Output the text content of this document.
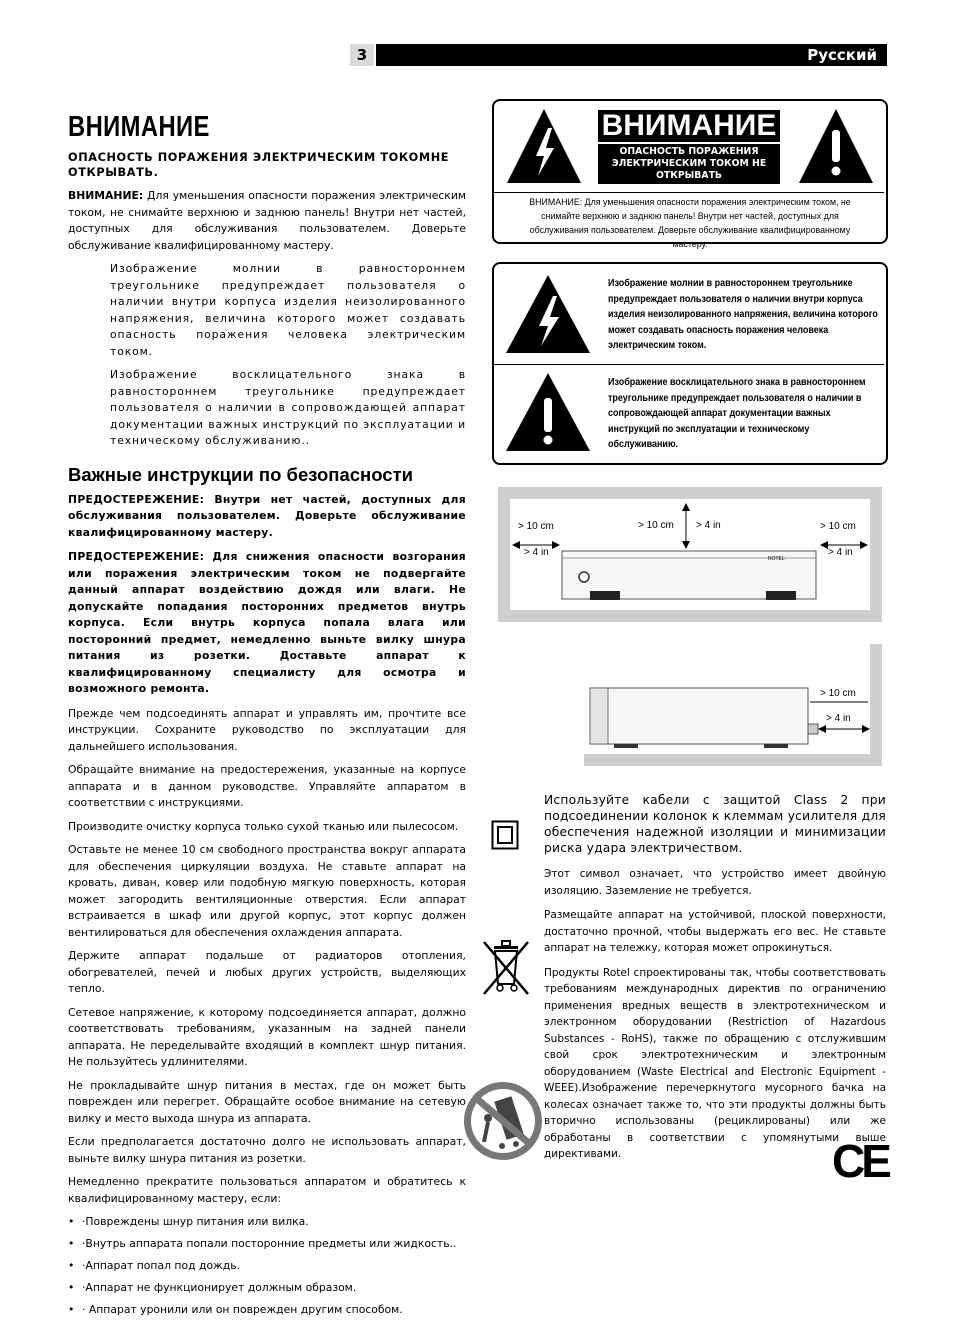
3	Русский
ВНИМАНИЕ
ОПАСНОСТЬ ПОРАЖЕНИЯ ЭЛЕКТРИЧЕСКИМ ТОКОМНЕ ОТКРЫВАТЬ.

ВНИМАНИЕ: Для уменьшения опасности поражения электрическим током, не снимайте верхнюю и заднюю панель! Внутри нет частей, доступных для обслуживания пользователем. Доверьте обслуживание квалифицированному мастеру.

Изображение молнии в равностороннем треугольнике предупреждает пользователя о наличии внутри корпуса изделия неизолированного напряжения, величина которого может создавать опасность поражения человека электрическим током.

Изображение восклицательного знака в равностороннем треугольнике предупреждает пользователя о наличии в сопровождающей аппарат документации важных инструкций по эксплуатации и техническому обслуживанию..

Важные инструкции по безопасности

ПРЕДОСТЕРЕЖЕНИЕ: Внутри нет частей, доступных для обслуживания пользователем. Доверьте обслуживание квалифицированному мастеру.

ПРЕДОСТЕРЕЖЕНИЕ: Для снижения опасности возгорания или поражения электрическим током не подвергайте данный аппарат воздействию дождя или влаги. Не допускайте попадания посторонних предметов внутрь корпуса. Если внутрь корпуса попала влага или посторонний предмет, немедленно выньте вилку шнура питания из розетки. Доставьте аппарат к квалифицированному специалисту для осмотра и возможного ремонта.

Прежде чем подсоединять аппарат и управлять им, прочтите все инструкции. Сохраните руководство по эксплуатации для дальнейшего использования.

Обращайте внимание на предостережения, указанные на корпусе аппарата и в данном руководстве. Управляйте аппаратом в соответствии с инструкциями.

Производите очистку корпуса только сухой тканью или пылесосом.

Оставьте не менее 10 см свободного пространства вокруг аппарата для обеспечения циркуляции воздуха. Не ставьте аппарат на кровать, диван, ковер или подобную мягкую поверхность, которая может загородить вентиляционные отверстия. Если аппарат встраивается в шкаф или другой корпус, этот корпус должен вентилироваться для обеспечения охлаждения аппарата.

Держите аппарат подальше от радиаторов отопления, обогревателей, печей и любых других устройств, выделяющих тепло.

Сетевое напряжение, к которому подсоединяется аппарат, должно соответствовать требованиям, указанным на задней панели аппарата. Не переделывайте входящий в комплект шнур питания. Не пользуйтесь удлинителями.

Не прокладывайте шнур питания в местах, где он может быть поврежден или перегрет. Обращайте особое внимание на сетевую вилку и место выхода шнура из аппарата.

Если предполагается достаточно долго не использовать аппарат, выньте вилку шнура питания из розетки.

Немедленно прекратите пользоваться аппаратом и обратитесь к квалифицированному мастеру, если:

• ·Повреждены шнур питания или вилка.
• ·Внутрь аппарата попали посторонние предметы или жидкость..
• ·Аппарат попал под дождь.
• ·Аппарат не функционирует должным образом.
• · Аппарат уронили или он поврежден другим способом.
ВНИМАНИЕ
ОПАСНОСТЬ ПОРАЖЕНИЯ ЭЛЕКТРИЧЕСКИМ ТОКОМ НЕ ОТКРЫВАТЬ
ВНИМАНИЕ: Для уменьшения опасности поражения электрическим током, не снимайте верхнюю и заднюю панель! Внутри нет частей, доступных для обслуживания пользователем. Доверьте обслуживание квалифицированному мастеру.
Изображение молнии в равностороннем треугольнике предупреждает пользователя о наличии внутри корпуса изделия неизолированного напряжения, величина которого может создавать опасность поражения человека электрическим током.
Изображение восклицательного знака в равностороннем треугольнике предупреждает пользователя о наличии в сопровождающей аппарат документации важных инструкций по эксплуатации и техническому обслуживанию.
> 10 cm
> 4 in
> 10 cm > 4 in	> 10 cm
> 4 in
ROTEL
> 10 cm
> 4 in

Используйте кабели с защитой Class 2 при подсоединении колонок к клеммам усилителя для обеспечения надежной изоляции и минимизации риска удара электричеством.

Этот символ означает, что устройство имеет двойную изоляцию. Заземление не требуется.

Размещайте аппарат на устойчивой, плоской поверхности, достаточно прочной, чтобы выдержать его вес. Не ставьте аппарат на тележку, которая может опрокинуться.

Продукты Rotel спроектированы так, чтобы соответствовать требованиям международных директив по ограничению применения вредных веществ в электротехническом и электронном оборудовании (Restriction of Hazardous Substances - RoHS), также по обращению с отслужившим свой срок электротехническим и электронным оборудованием (Waste Electrical and Electronic Equipment - WEEE).Изображение перечеркнутого мусорного бачка на колесах означает также то, что эти продукты должны быть вторично использованы (рециклированы) или же обработаны в соответствии с упомянутыми выше директивами.	CE
